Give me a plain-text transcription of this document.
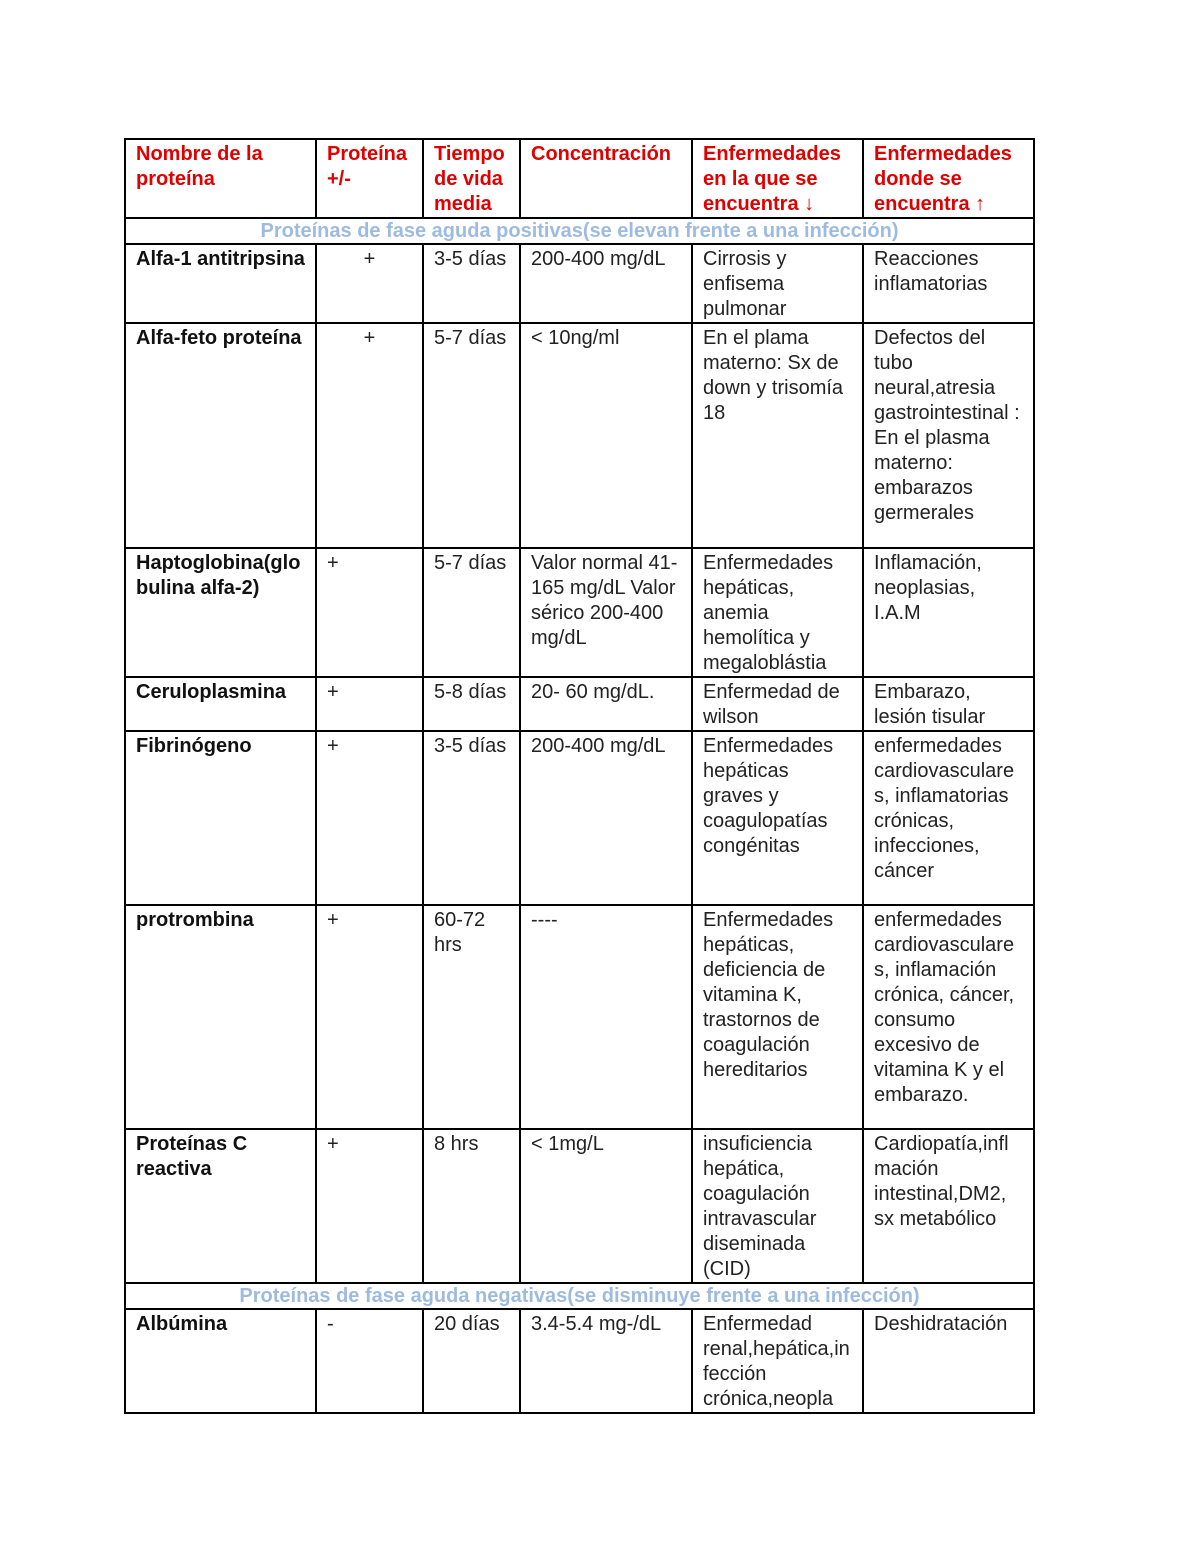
Nombre de la proteína	Proteína +/-	Tiempo de vida media	Concentración	Enfermedades en la que se encuentra ↓	Enfermedades donde se encuentra ↑
Proteínas de fase aguda positivas(se elevan frente a una infección)					
Alfa-1 antitripsina	+	3-5 días	200-400 mg/dL	Cirrosis y enfisema pulmonar	Reacciones inflamatorias
Alfa-feto proteína	+	5-7 días	< 10ng/ml	En el plama materno: Sx de down y trisomía 18	Defectos del tubo neural,atresia gastrointestinal : En el plasma materno: embarazos germerales
Haptoglobina(globulina alfa-2)	+	5-7 días	Valor normal 41-165 mg/dL Valor sérico 200-400 mg/dL	Enfermedades hepáticas, anemia hemolítica y megaloblástia	Inflamación, neoplasias, I.A.M
Ceruloplasmina	+	5-8 días	20- 60 mg/dL.	Enfermedad de wilson	Embarazo, lesión tisular
Fibrinógeno	+	3-5 días	200-400 mg/dL	Enfermedades hepáticas graves y coagulopatías congénitas	enfermedades cardiovasculares, inflamatorias crónicas, infecciones, cáncer
protrombina	+	60-72 hrs	----	Enfermedades hepáticas, deficiencia de vitamina K, trastornos de coagulación hereditarios	enfermedades cardiovasculares, inflamación crónica, cáncer, consumo excesivo de vitamina K y el embarazo.
Proteínas C reactiva	+	8 hrs	< 1mg/L	insuficiencia hepática, coagulación intravascular diseminada (CID)	Cardiopatía,inflmación intestinal,DM2, sx metabólico
Proteínas de fase aguda negativas(se disminuye frente a una infección)					
Albúmina	-	20 días	3.4-5.4 mg-/dL	Enfermedad renal,hepática,infección crónica,neopla	Deshidratación
